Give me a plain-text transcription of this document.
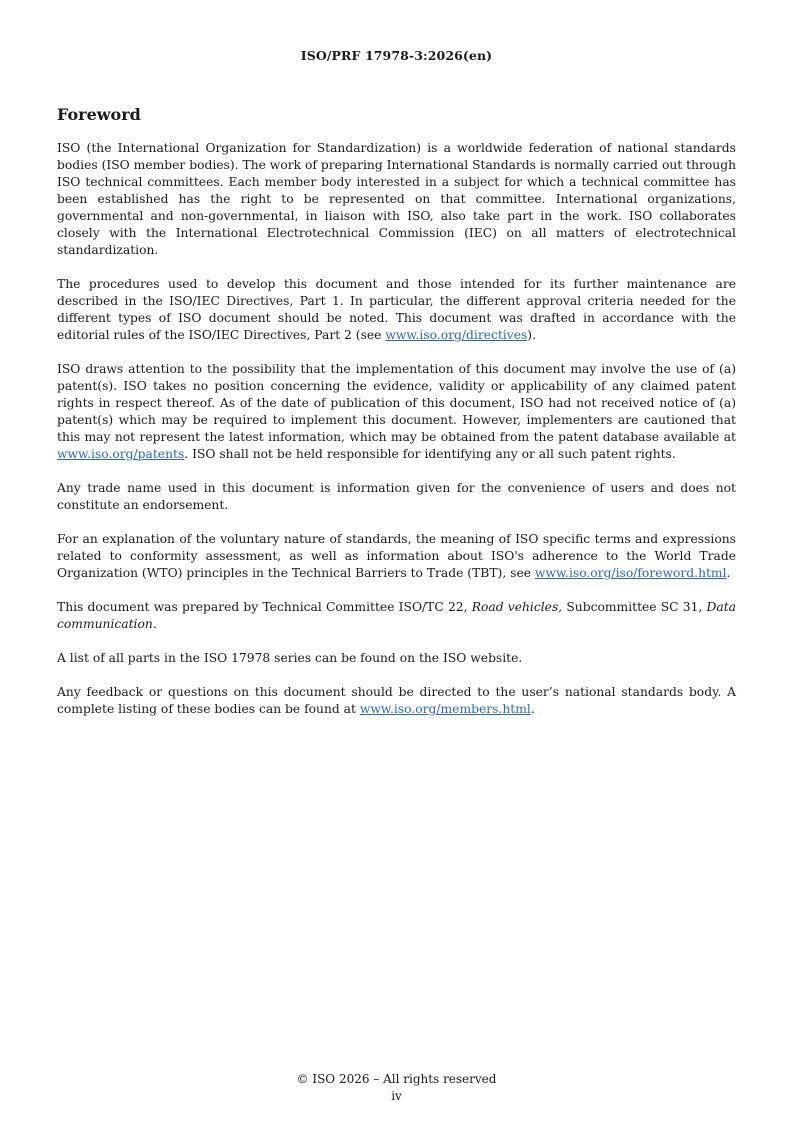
ISO/PRF 17978-3:2026(en)
Foreword

ISO (the International Organization for Standardization) is a worldwide federation of national standards bodies (ISO member bodies). The work of preparing International Standards is normally carried out through ISO technical committees. Each member body interested in a subject for which a technical committee has been established has the right to be represented on that committee. International organizations, governmental and non-governmental, in liaison with ISO, also take part in the work. ISO collaborates closely with the International Electrotechnical Commission (IEC) on all matters of electrotechnical standardization.

The procedures used to develop this document and those intended for its further maintenance are described in the ISO/IEC Directives, Part 1. In particular, the different approval criteria needed for the different types of ISO document should be noted. This document was drafted in accordance with the editorial rules of the ISO/IEC Directives, Part 2 (see www.iso.org/directives).

ISO draws attention to the possibility that the implementation of this document may involve the use of (a) patent(s). ISO takes no position concerning the evidence, validity or applicability of any claimed patent rights in respect thereof. As of the date of publication of this document, ISO had not received notice of (a) patent(s) which may be required to implement this document. However, implementers are cautioned that this may not represent the latest information, which may be obtained from the patent database available at www.iso.org/patents. ISO shall not be held responsible for identifying any or all such patent rights.

Any trade name used in this document is information given for the convenience of users and does not constitute an endorsement.

For an explanation of the voluntary nature of standards, the meaning of ISO specific terms and expressions related to conformity assessment, as well as information about ISO's adherence to the World Trade Organization (WTO) principles in the Technical Barriers to Trade (TBT), see www.iso.org/iso/foreword.html.

This document was prepared by Technical Committee ISO/TC 22, Road vehicles, Subcommittee SC 31, Data communication.

A list of all parts in the ISO 17978 series can be found on the ISO website.

Any feedback or questions on this document should be directed to the user’s national standards body. A complete listing of these bodies can be found at www.iso.org/members.html.

© ISO 2026 – All rights reserved
iv
